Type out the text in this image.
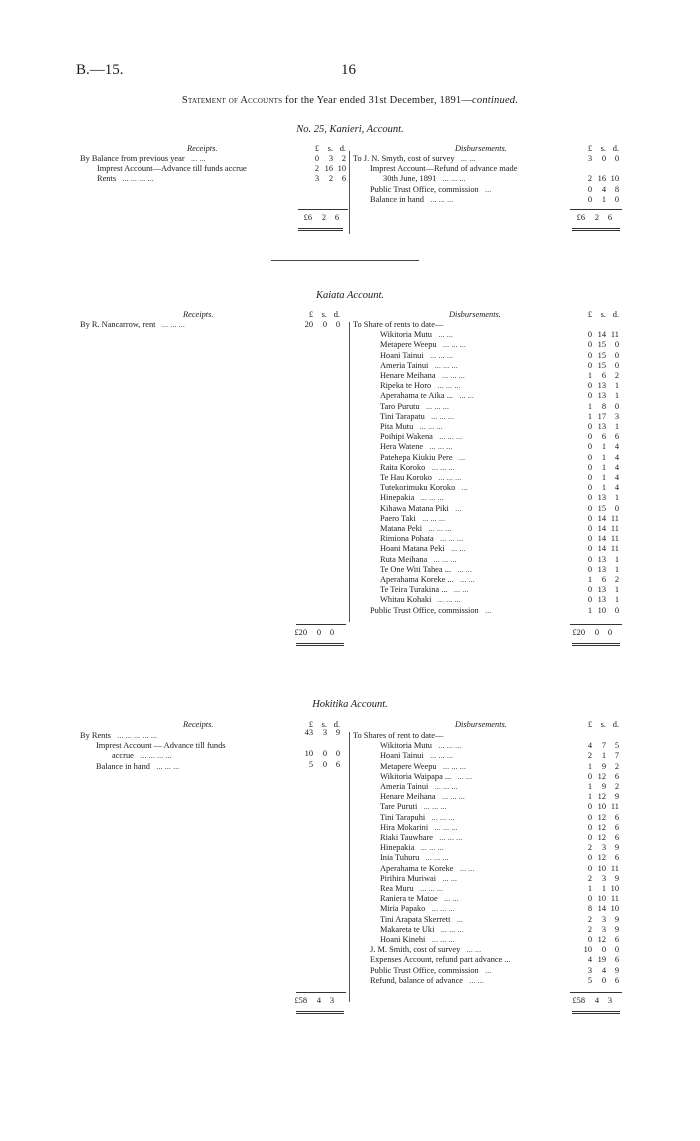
B.—15.	16
Statement of Accounts for the Year ended 31st December, 1891—continued.
No. 25, Kanieri, Account.
Receipts.	Disbursements.
£ s. d.	£ s. d.
By Balance from previous year   ... ...	0 3 2
Imprest Account—Advance till funds accrue	2 16 10
Rents   ... ... ... ...	3 2 6
To J. N. Smyth, cost of survey   ... ...	3 0 0
Imprest Account—Refund of advance made
30th June, 1891   ... ... ...	2 16 10
Public Trust Office, commission   ...	0 4 8
Balance in hand   ... ... ...	0 1 0
£6 2 6	£6 2 6
Kaiata Account.
Receipts.	Disbursements.
£ s. d.	£ s. d.
By R. Nancarrow, rent   ... ... ...	20 0 0 To Share of rents to date—
Wikitoria Mutu   ... ...	0 14 11
Metapere Weepu   ... ... ...	0 15 0
Hoani Tainui   ... ... ...	0 15 0
Ameria Tainui   ... ... ...	0 15 0
Henare Meihana   ... ... ...	1 6 2
Ripeka te Horo   ... ... ...	0 13 1
Aperahama te Aika ...   ... ...	0 13 1
Taro Purutu   ... ... ...	1 8 0
Tini Tarapatu   ... ... ...	1 17 3
Pita Mutu   ... ... ...	0 13 1
Poihipi Wakena   ... ... ...	0 6 6
Hera Watene   ... ... ...	0 1 4
Patehepa Kiukiu Pere   ...	0 1 4
Raita Koroko   ... ... ...	0 1 4
Te Hau Koroko   ... ... ...	0 1 4
Tutekorimuku Koroko   ...	0 1 4
Hinepakia   ... ... ...	0 13 1
Kihawa Matana Piki   ...	0 15 0
Paero Taki   ... ... ...	0 14 11
Matana Peki   ... ... ...	0 14 11
Rimiona Pohata   ... ... ...	0 14 11
Hoani Matana Peki   ... ...	0 14 11
Ruta Meihana   ... ... ...	0 13 1
Te One Witi Tahea ...   ... ...	0 13 1
Aperahama Koreke ...   ... ...	1 6 2
Te Teira Turakina ...   ... ...	0 13 1
Whitau Kohaki   ... ... ...	0 13 1
Public Trust Office, commission   ...	1 10 0
£20 0 0	£20 0 0
Hokitika Account.
Receipts.	Disbursements.
£ s. d.	£ s. d.
By Rents   ... ... ... ... ...	43 3 9
Imprest Account — Advance till funds
accrue   ... ... ... ...	10 0 0
Balance in hand   ... ... ...	5 0 6
To Shares of rent to date—
Wikitoria Mutu   ... ... ...	4 7 5
Hoani Tainui   ... ... ...	2 1 7
Metapere Weepu   ... ... ...	1 9 2
Wikitoria Waipapa ...   ... ...	0 12 6
Ameria Tainui   ... ... ...	1 9 2
Henare Meihana   ... ... ...	1 12 9
Tare Puruti   ... ... ...	0 10 11
Tini Tarapuhi   ... ... ...	0 12 6
Hira Mokarini   ... ... ...	0 12 6
Riaki Tauwhare   ... ... ...	0 12 6
Hinepakia   ... ... ...	2 3 9
Inia Tuhuru   ... ... ...	0 12 6
Aperahama te Koreke   ... ...	0 10 11
Pirihira Muriwai   ... ...	2 3 9
Rea Muru   ... ... ...	1 1 10
Raniera te Matoe   ... ...	0 10 11
Miria Papako   ... ... ...	8 14 10
Tini Arapata Skerrett   ...	2 3 9
Makareta te Uki   ... ... ...	2 3 9
Hoani Kinehi   ... ... ...	0 12 6
J. M. Smith, cost of survey   ... ...	10 0 0
Expenses Account, refund part advance ...	4 19 6
Public Trust Office, commission   ...	3 4 9
Refund, balance of advance   ... ...	5 0 6
£58 4 3	£58 4 3
